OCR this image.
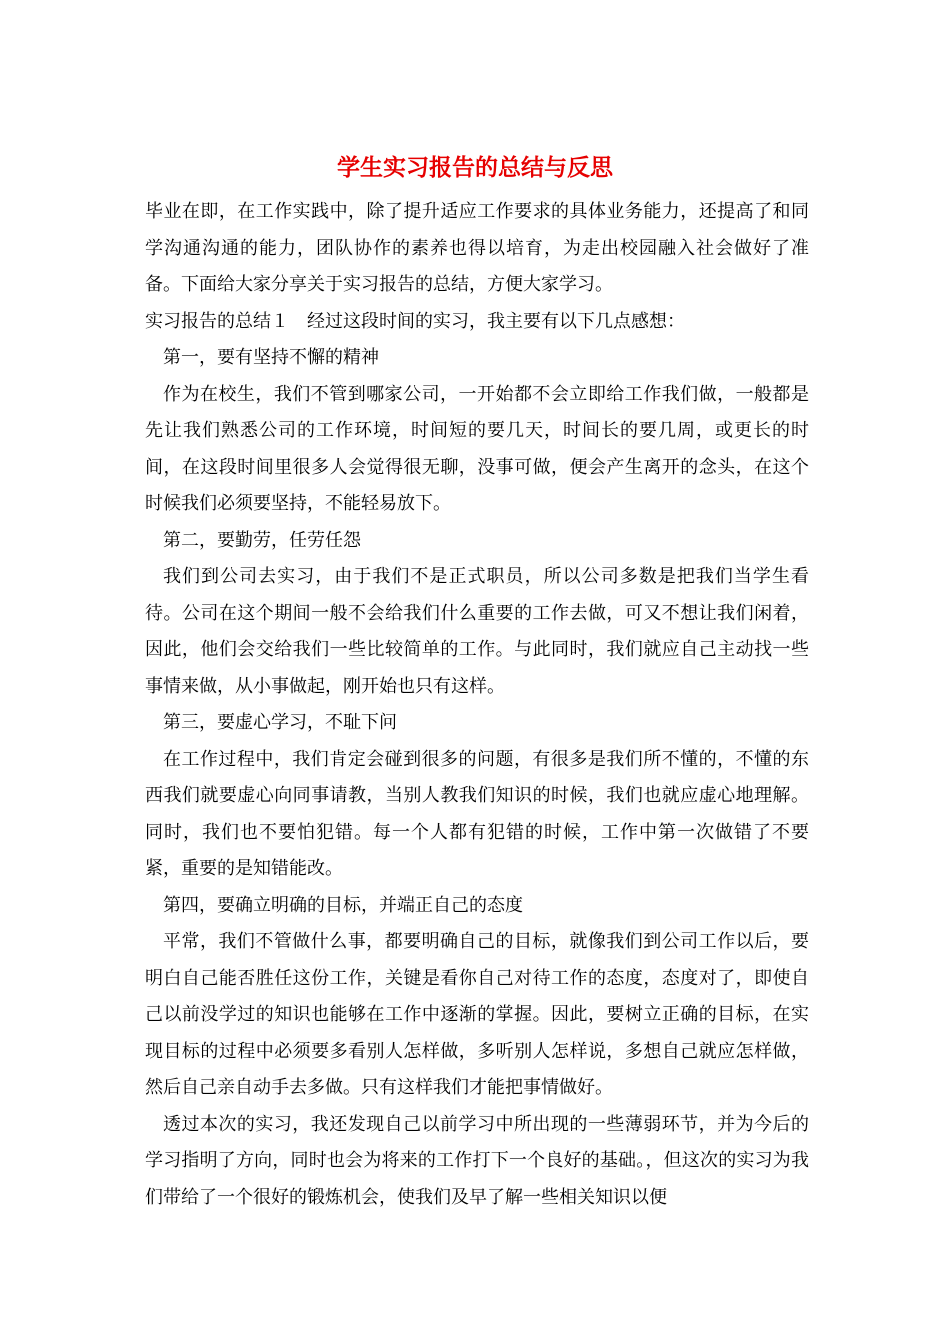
学生实习报告的总结与反思

毕业在即，在工作实践中，除了提升适应工作要求的具体业务能力，还提高了和同学沟通沟通的能力，团队协作的素养也得以培育，为走出校园融入社会做好了准备。下面给大家分享关于实习报告的总结，方便大家学习。

实习报告的总结１　经过这段时间的实习，我主要有以下几点感想：

第一，要有坚持不懈的精神

作为在校生，我们不管到哪家公司，一开始都不会立即给工作我们做，一般都是先让我们熟悉公司的工作环境，时间短的要几天，时间长的要几周，或更长的时间，在这段时间里很多人会觉得很无聊，没事可做，便会产生离开的念头，在这个时候我们必须要坚持，不能轻易放下。

第二，要勤劳，任劳任怨

我们到公司去实习，由于我们不是正式职员，所以公司多数是把我们当学生看待。公司在这个期间一般不会给我们什么重要的工作去做，可又不想让我们闲着，因此，他们会交给我们一些比较简单的工作。与此同时，我们就应自己主动找一些事情来做，从小事做起，刚开始也只有这样。

第三，要虚心学习，不耻下问

在工作过程中，我们肯定会碰到很多的问题，有很多是我们所不懂的，不懂的东西我们就要虚心向同事请教，当别人教我们知识的时候，我们也就应虚心地理解。同时，我们也不要怕犯错。每一个人都有犯错的时候，工作中第一次做错了不要紧，重要的是知错能改。

第四，要确立明确的目标，并端正自己的态度

平常，我们不管做什么事，都要明确自己的目标，就像我们到公司工作以后，要明白自己能否胜任这份工作，关键是看你自己对待工作的态度，态度对了，即使自己以前没学过的知识也能够在工作中逐渐的掌握。因此，要树立正确的目标，在实现目标的过程中必须要多看别人怎样做，多听别人怎样说，多想自己就应怎样做，然后自己亲自动手去多做。只有这样我们才能把事情做好。

透过本次的实习，我还发现自己以前学习中所出现的一些薄弱环节，并为今后的学习指明了方向，同时也会为将来的工作打下一个良好的基础。，但这次的实习为我们带给了一个很好的锻炼机会，使我们及早了解一些相关知识以便
